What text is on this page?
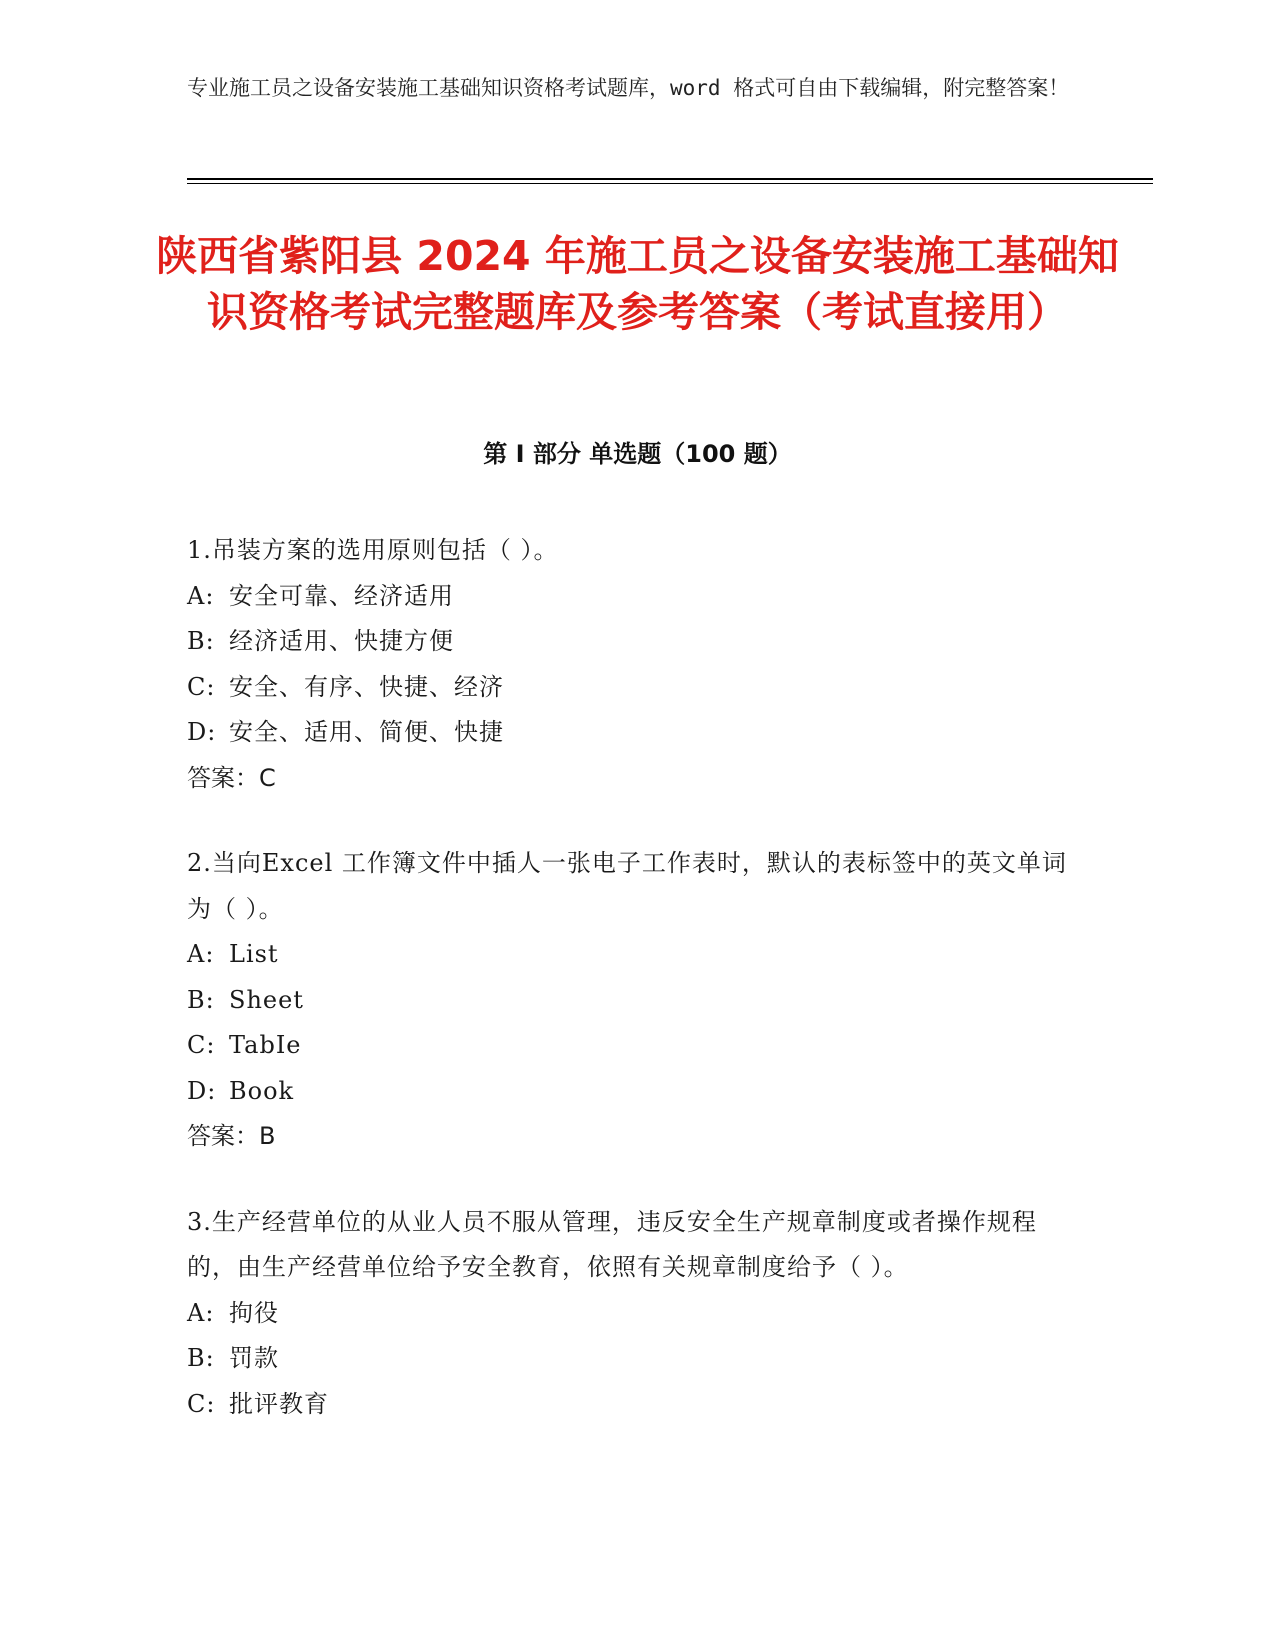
专业施工员之设备安装施工基础知识资格考试题库，word 格式可自由下载编辑，附完整答案！
陕西省紫阳县 2024 年施工员之设备安装施工基础知识资格考试完整题库及参考答案（考试直接用）
第 I 部分 单选题（100 题）
1.吊装方案的选用原则包括（ ）。
A: 安全可靠、经济适用
B: 经济适用、快捷方便
C: 安全、有序、快捷、经济
D: 安全、适用、简便、快捷
答案：C
2.当向Excel 工作簿文件中插人一张电子工作表时，默认的表标签中的英文单词为（ ）。
A: List
B: Sheet
C: TabIe
D: Book
答案：B
3.生产经营单位的从业人员不服从管理，违反安全生产规章制度或者操作规程的，由生产经营单位给予安全教育，依照有关规章制度给予（ ）。
A: 拘役
B: 罚款
C: 批评教育
